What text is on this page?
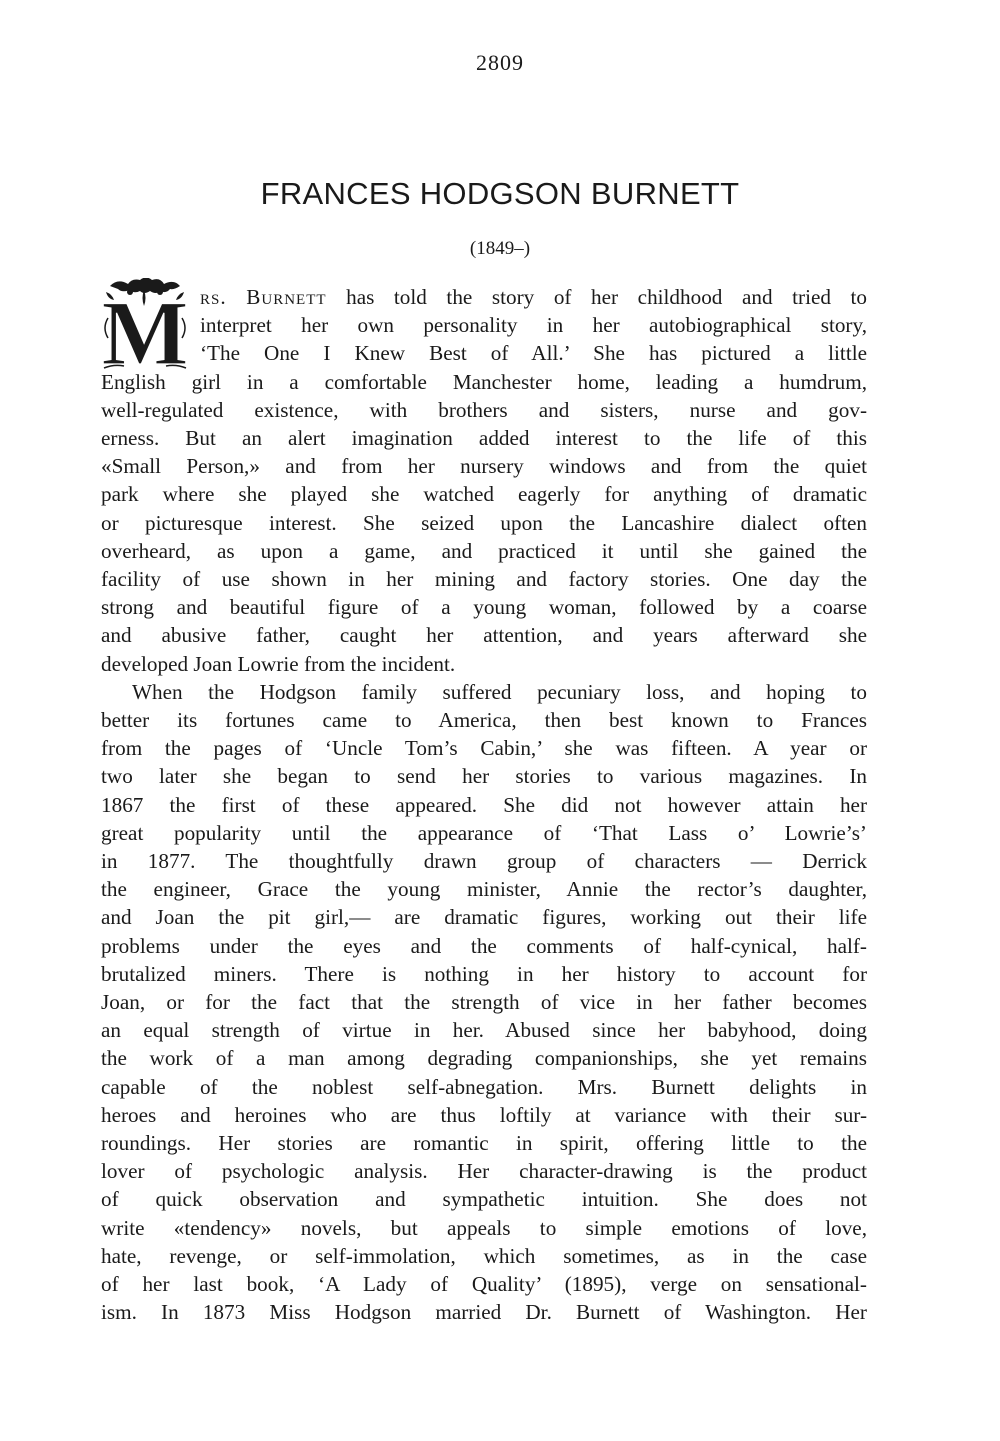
2809
FRANCES HODGSON BURNETT
(1849–)
M rs. Burnett has told the story of her childhood and tried to
interpret her own personality in her autobiographical story,
‘The One I Knew Best of All.’ She has pictured a little
English girl in a comfortable Manchester home, leading a humdrum,
well-regulated existence, with brothers and sisters, nurse and gov-
erness. But an alert imagination added interest to the life of this
«Small Person,» and from her nursery windows and from the quiet
park where she played she watched eagerly for anything of dramatic
or picturesque interest. She seized upon the Lancashire dialect often
overheard, as upon a game, and practiced it until she gained the
facility of use shown in her mining and factory stories. One day the
strong and beautiful figure of a young woman, followed by a coarse
and abusive father, caught her attention, and years afterward she
developed Joan Lowrie from the incident.
When the Hodgson family suffered pecuniary loss, and hoping to
better its fortunes came to America, then best known to Frances
from the pages of ‘Uncle Tom’s Cabin,’ she was fifteen. A year or
two later she began to send her stories to various magazines. In
1867 the first of these appeared. She did not however attain her
great popularity until the appearance of ‘That Lass o’ Lowrie’s’
in 1877. The thoughtfully drawn group of characters — Derrick
the engineer, Grace the young minister, Annie the rector’s daughter,
and Joan the pit girl,— are dramatic figures, working out their life
problems under the eyes and the comments of half-cynical, half-
brutalized miners. There is nothing in her history to account for
Joan, or for the fact that the strength of vice in her father becomes
an equal strength of virtue in her. Abused since her babyhood, doing
the work of a man among degrading companionships, she yet remains
capable of the noblest self-abnegation. Mrs. Burnett delights in
heroes and heroines who are thus loftily at variance with their sur-
roundings. Her stories are romantic in spirit, offering little to the
lover of psychologic analysis. Her character-drawing is the product
of quick observation and sympathetic intuition. She does not
write «tendency» novels, but appeals to simple emotions of love,
hate, revenge, or self-immolation, which sometimes, as in the case
of her last book, ‘A Lady of Quality’ (1895), verge on sensational-
ism. In 1873 Miss Hodgson married Dr. Burnett of Washington. Her
